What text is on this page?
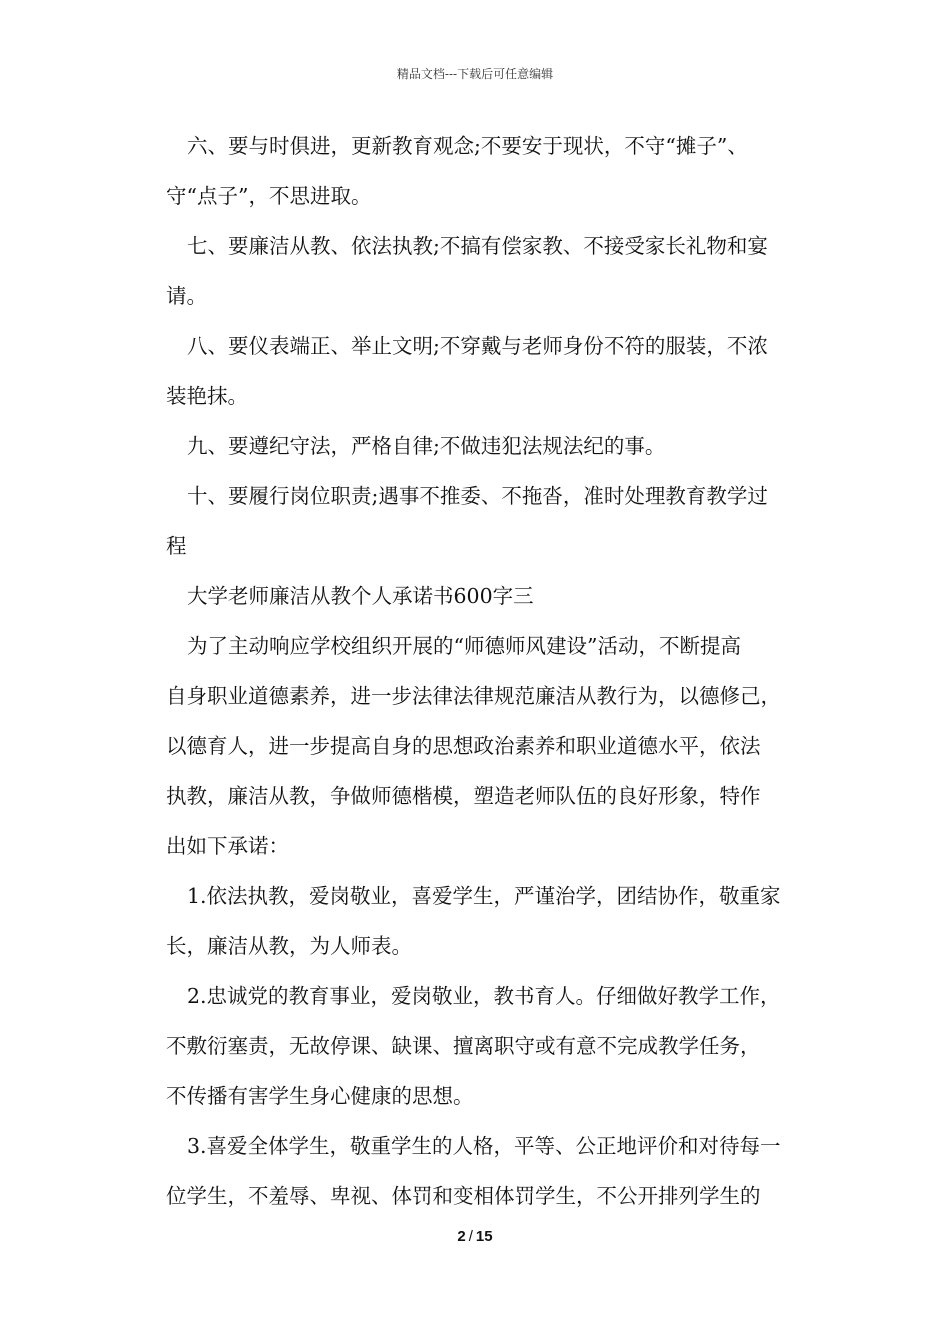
精品文档---下载后可任意编辑
六、要与时俱进，更新教育观念;不要安于现状，不守“摊子”、
守“点子”，不思进取。
七、要廉洁从教、依法执教;不搞有偿家教、不接受家长礼物和宴
请。
八、要仪表端正、举止文明;不穿戴与老师身份不符的服装，不浓
装艳抹。
九、要遵纪守法，严格自律;不做违犯法规法纪的事。
十、要履行岗位职责;遇事不推委、不拖沓，准时处理教育教学过
程
大学老师廉洁从教个人承诺书600字三
为了主动响应学校组织开展的“师德师风建设”活动，不断提高
自身职业道德素养，进一步法律法律规范廉洁从教行为，以德修己，
以德育人，进一步提高自身的思想政治素养和职业道德水平，依法
执教，廉洁从教，争做师德楷模，塑造老师队伍的良好形象，特作
出如下承诺：
1.依法执教，爱岗敬业，喜爱学生，严谨治学，团结协作，敬重家
长，廉洁从教，为人师表。
2.忠诚党的教育事业，爱岗敬业，教书育人。仔细做好教学工作，
不敷衍塞责，无故停课、缺课、擅离职守或有意不完成教学任务，
不传播有害学生身心健康的思想。
3.喜爱全体学生，敬重学生的人格，平等、公正地评价和对待每一
位学生，不羞辱、卑视、体罚和变相体罚学生，不公开排列学生的
2 / 15
